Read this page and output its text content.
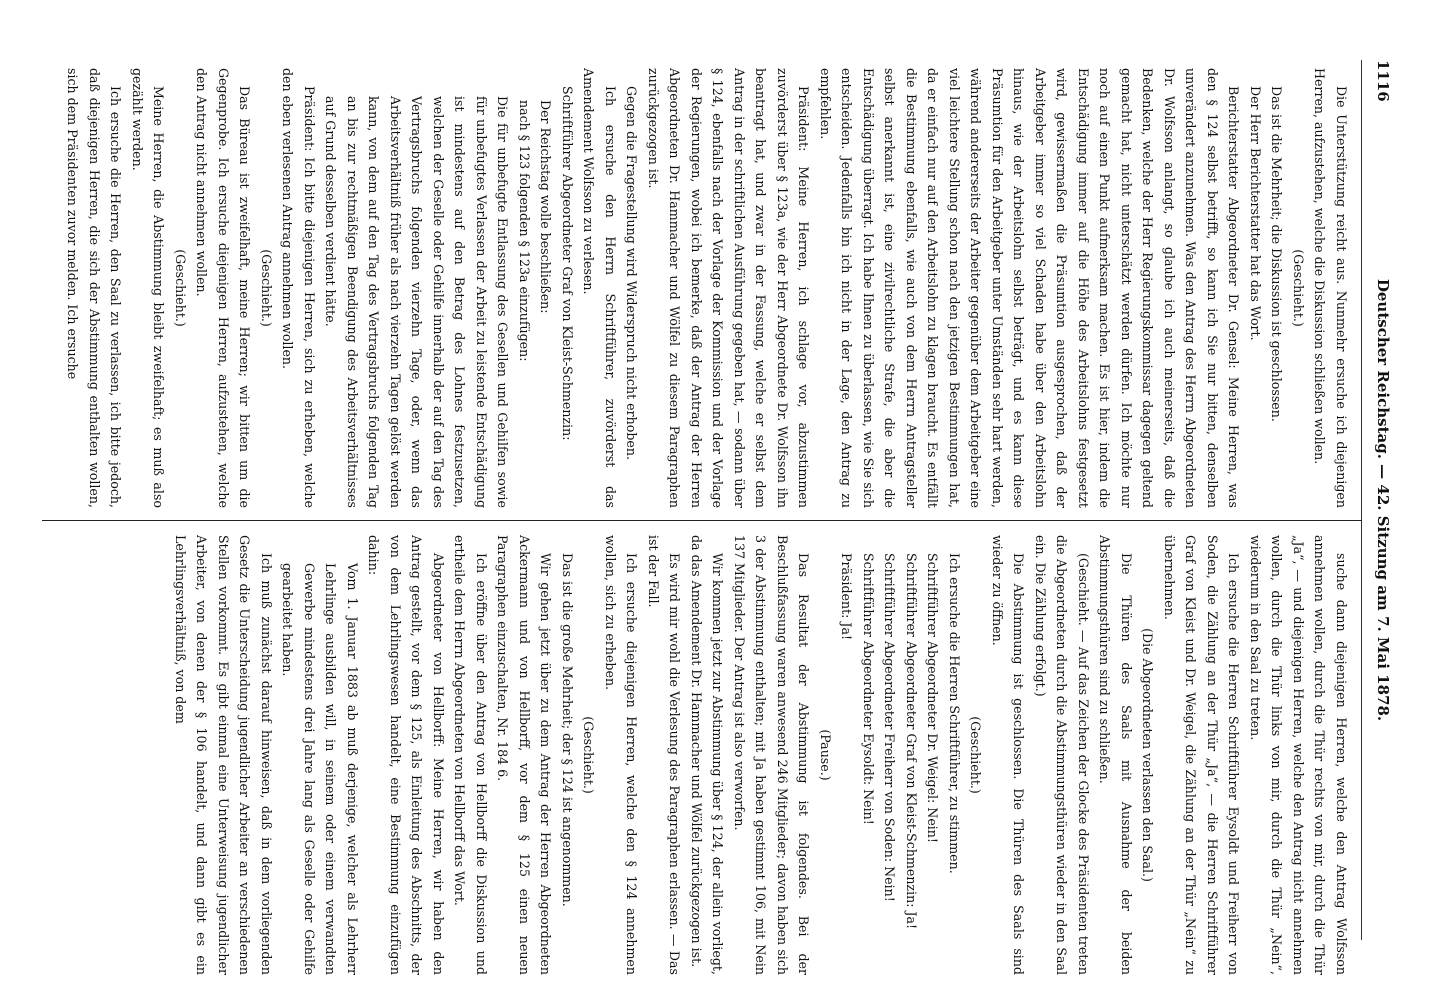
1116
Deutscher Reichstag. — 42. Sitzung am 7. Mai 1878.

Die Unterstützung reicht aus. Nunmehr ersuche ich diejenigen Herren, aufzustehen, welche die Diskussion schließen wollen.

(Geschieht.)

Das ist die Mehrheit; die Diskussion ist geschlossen.

Der Herr Berichterstatter hat das Wort.

Berichterstatter Abgeordneter Dr. Gensel: Meine Herren, was den § 124 selbst betrifft, so kann ich Sie nur bitten, denselben unverändert anzunehmen. Was den Antrag des Herrn Abgeordneten Dr. Wolfsson anlangt, so glaube ich auch meinerseits, daß die Bedenken, welche der Herr Regierungskommissar dagegen geltend gemacht hat, nicht unterschätzt werden dürfen. Ich möchte nur noch auf einen Punkt aufmerksam machen. Es ist hier, indem die Entschädigung immer auf die Höhe des Arbeitslohns festgesetzt wird, gewissermaßen die Präsumtion ausgesprochen, daß der Arbeitgeber immer so viel Schaden habe über den Arbeitslohn hinaus, wie der Arbeitslohn selbst beträgt, und es kann diese Präsumtion für den Arbeitgeber unter Umständen sehr hart werden, während andererseits der Arbeiter gegenüber dem Arbeitgeber eine viel leichtere Stellung schon nach den jetzigen Bestimmungen hat, da er einfach nur auf den Arbeitslohn zu klagen braucht. Es entfällt die Bestimmung ebenfalls, wie auch von dem Herrn Antragsteller selbst anerkannt ist, eine zivilrechtliche Strafe, die aber die Entschädigung überragt. Ich habe Ihnen zu überlassen, wie Sie sich entscheiden. Jedenfalls bin ich nicht in der Lage, den Antrag zu empfehlen.

Präsident: Meine Herren, ich schlage vor, abzustimmen zuvörderst über § 123a, wie der Herr Abgeordnete Dr. Wolfsson ihn beantragt hat, und zwar in der Fassung, welche er selbst dem Antrag in der schriftlichen Ausführung gegeben hat, — sodann über § 124, ebenfalls nach der Vorlage der Kommission und der Vorlage der Regierungen, wobei ich bemerke, daß der Antrag der Herren Abgeordneten Dr. Hammacher und Wölfel zu diesem Paragraphen zurückgezogen ist.

Gegen die Fragestellung wird Widerspruch nicht erhoben.

Ich ersuche den Herrn Schriftführer, zuvörderst das Amendement Wolfsson zu verlesen.

Schriftführer Abgeordneter Graf von Kleist-Schmenzin:

Der Reichstag wolle beschließen:

nach § 123 folgenden § 123a einzufügen:

Die für unbefugte Entlassung des Gesellen und Gehilfen sowie für unbefugtes Verlassen der Arbeit zu leistende Entschädigung ist mindestens auf den Betrag des Lohnes festzusetzen, welchen der Geselle oder Gehilfe innerhalb der auf den Tag des Vertragsbruchs folgenden vierzehn Tage, oder, wenn das Arbeitsverhältniß früher als nach vierzehn Tagen gelöst werden kann, von dem auf den Tag des Vertragsbruchs folgenden Tag an bis zur rechtmäßigen Beendigung des Arbeitsverhältnisses auf Grund desselben verdient hätte.

Präsident: Ich bitte diejenigen Herren, sich zu erheben, welche den eben verlesenen Antrag annehmen wollen.

(Geschieht.)

Das Büreau ist zweifelhaft, meine Herren; wir bitten um die Gegenprobe. Ich ersuche diejenigen Herren, aufzustehen, welche den Antrag nicht annehmen wollen.

(Geschieht.)

Meine Herren, die Abstimmung bleibt zweifelhaft; es muß also gezählt werden.

Ich ersuche die Herren, den Saal zu verlassen, ich bitte jedoch, daß diejenigen Herren, die sich der Abstimmung enthalten wollen, sich dem Präsidenten zuvor melden. Ich ersuche

suche dann diejenigen Herren, welche den Antrag Wolfsson annehmen wollen, durch die Thür rechts von mir, durch die Thür „Ja“, — und diejenigen Herren, welche den Antrag nicht annehmen wollen, durch die Thür links von mir, durch die Thür „Nein“, wiederum in den Saal zu treten.

Ich ersuche die Herren Schriftführer Eysoldt und Freiherr von Soden, die Zählung an der Thür „Ja“, — die Herren Schriftführer Graf von Kleist und Dr. Weigel, die Zählung an der Thür „Nein“ zu übernehmen.

(Die Abgeordneten verlassen den Saal.)

Die Thüren des Saals mit Ausnahme der beiden Abstimmungsthüren sind zu schließen.

(Geschieht. — Auf das Zeichen der Glocke des Präsidenten treten die Abgeordneten durch die Abstimmungsthüren wieder in den Saal ein. Die Zählung erfolgt.)

Die Abstimmung ist geschlossen. Die Thüren des Saals sind wieder zu öffnen.

(Geschieht.)

Ich ersuche die Herren Schriftführer, zu stimmen.

Schriftführer Abgeordneter Dr. Weigel: Nein!

Schriftführer Abgeordneter Graf von Kleist-Schmenzin: Ja!

Schriftführer Abgeordneter Freiherr von Soden: Nein!

Schriftführer Abgeordneter Eysoldt: Nein!

Präsident: Ja!

(Pause.)

Das Resultat der Abstimmung ist folgendes. Bei der Beschlußfassung waren anwesend 246 Mitglieder; davon haben sich 3 der Abstimmung enthalten; mit Ja haben gestimmt 106, mit Nein 137 Mitglieder. Der Antrag ist also verworfen.

Wir kommen jetzt zur Abstimmung über § 124, der allein vorliegt, da das Amendement Dr. Hammacher und Wölfel zurückgezogen ist.

Es wird mir wohl die Verlesung des Paragraphen erlassen. — Das ist der Fall.

Ich ersuche diejenigen Herren, welche den § 124 annehmen wollen, sich zu erheben.

(Geschieht.)

Das ist die große Mehrheit; der § 124 ist angenommen.

Wir gehen jetzt über zu dem Antrag der Herren Abgeordneten Ackermann und von Hellborff, vor dem § 125 einen neuen Paragraphen einzuschalten, Nr. 184 6.

Ich eröffne über den Antrag von Hellborff die Diskussion und ertheile dem Herrn Abgeordneten von Hellborff das Wort.

Abgeordneter von Hellborff: Meine Herren, wir haben den Antrag gestellt, vor dem § 125, als Einleitung des Abschnitts, der von dem Lehrlingswesen handelt, eine Bestimmung einzufügen dahin:

Vom 1. Januar 1883 ab muß derjenige, welcher als Lehrherr Lehrlinge ausbilden will, in seinem oder einem verwandten Gewerbe mindestens drei Jahre lang als Geselle oder Gehilfe gearbeitet haben.

Ich muß zunächst darauf hinweisen, daß in dem vorliegenden Gesetz die Unterscheidung jugendlicher Arbeiter an verschiedenen Stellen vorkommt. Es gibt einmal eine Unterweisung jugendlicher Arbeiter, von denen der § 106 handelt, und dann gibt es ein Lehrlingsverhältniß, von dem
